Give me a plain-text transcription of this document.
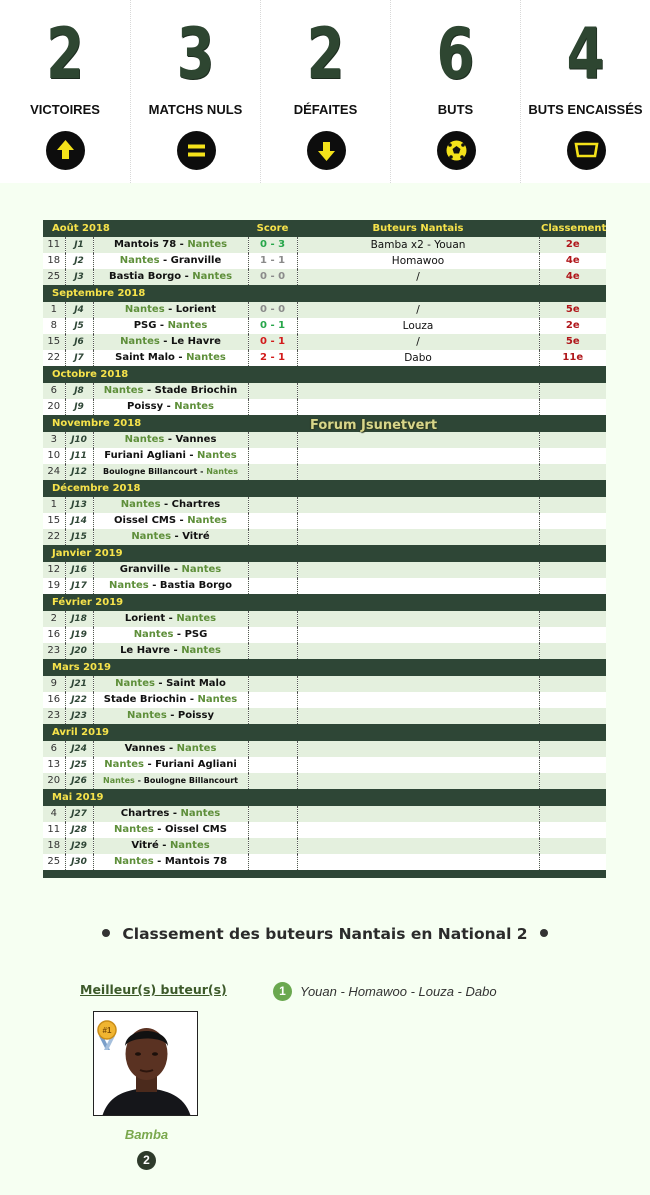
2
VICTOIRES
3
MATCHS NULS
2
DÉFAITES
6
BUTS
4
BUTS ENCAISSÉS
Août 2018			Score	Buteurs Nantais	Classement
11	J1	Mantois 78 - Nantes	0 - 3	Bamba x2 - Youan	2e
18	J2	Nantes - Granville	1 - 1	Homawoo	4e
25	J3	Bastia Borgo - Nantes	0 - 0	/	4e
Septembre 2018					
1	J4	Nantes - Lorient	0 - 0	/	5e
8	J5	PSG - Nantes	0 - 1	Louza	2e
15	J6	Nantes - Le Havre	0 - 1	/	5e
22	J7	Saint Malo - Nantes	2 - 1	Dabo	11e
Octobre 2018					
6	J8	Nantes - Stade Briochin			
20	J9	Poissy - Nantes			
Novembre 2018					
3	J10	Nantes - Vannes			
10	J11	Furiani Agliani - Nantes			
24	J12	Boulogne Billancourt - Nantes			
Décembre 2018					
1	J13	Nantes - Chartres			
15	J14	Oissel CMS - Nantes			
22	J15	Nantes - Vitré			
Janvier 2019					
12	J16	Granville - Nantes			
19	J17	Nantes - Bastia Borgo			
Février 2019					
2	J18	Lorient - Nantes			
16	J19	Nantes - PSG			
23	J20	Le Havre - Nantes			
Mars 2019					
9	J21	Nantes - Saint Malo			
16	J22	Stade Briochin - Nantes			
23	J23	Nantes - Poissy			
Avril 2019					
6	J24	Vannes - Nantes			
13	J25	Nantes - Furiani Agliani			
20	J26	Nantes - Boulogne Billancourt			
Mai 2019					
4	J27	Chartres - Nantes			
11	J28	Nantes - Oissel CMS			
18	J29	Vitré - Nantes			
25	J30	Nantes - Mantois 78			

Forum Jsunetvert
Classement des buteurs Nantais en National 2
Meilleur(s) buteur(s)
#1
Bamba
2
1	Youan - Homawoo - Louza - Dabo
